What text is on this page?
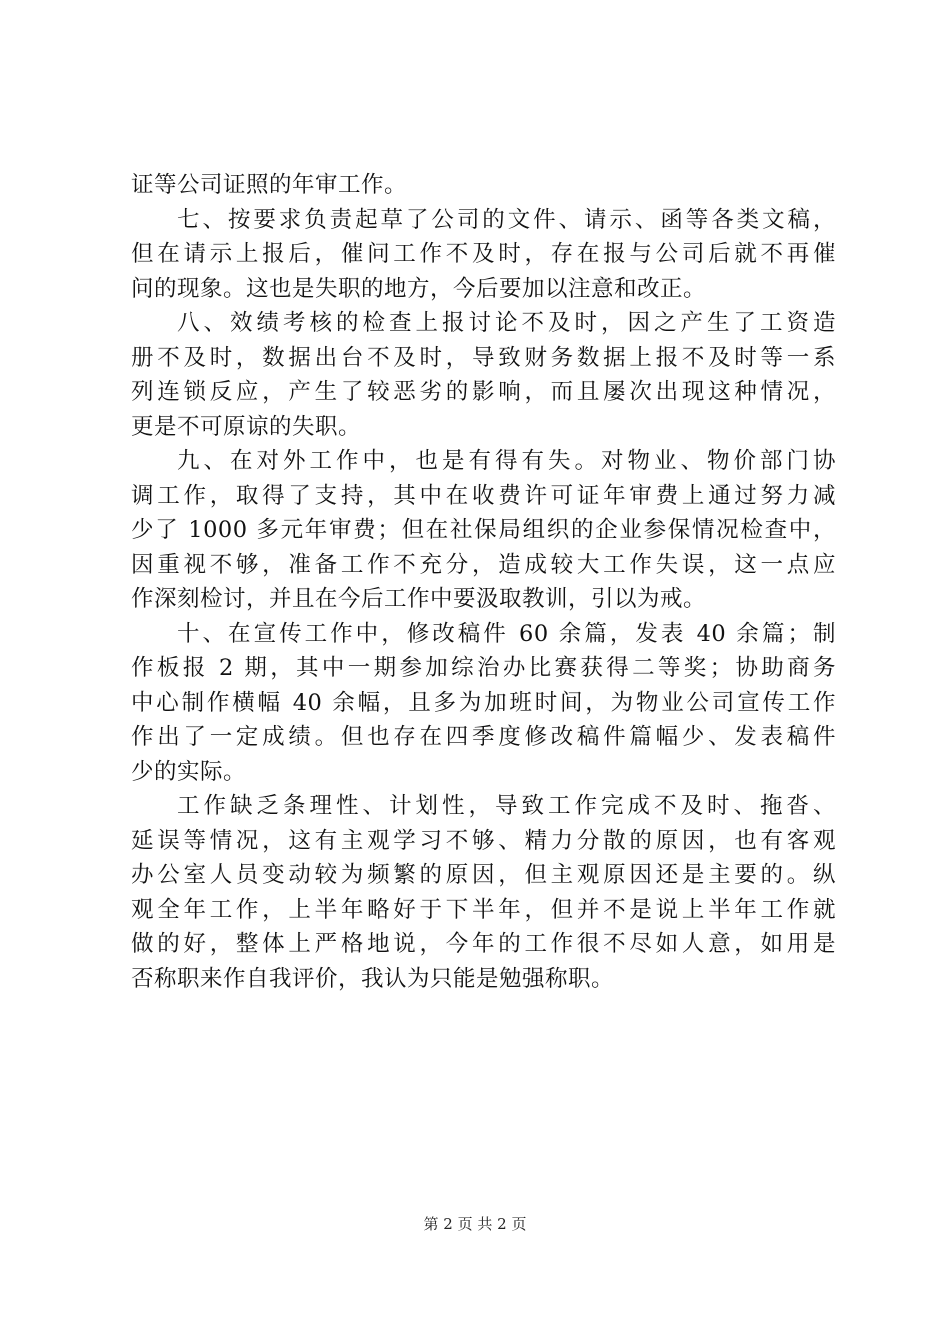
证等公司证照的年审工作。
七、按要求负责起草了公司的文件、请示、函等各类文稿，
但在请示上报后，催问工作不及时，存在报与公司后就不再催
问的现象。这也是失职的地方，今后要加以注意和改正。
八、效绩考核的检查上报讨论不及时，因之产生了工资造
册不及时，数据出台不及时，导致财务数据上报不及时等一系
列连锁反应，产生了较恶劣的影响，而且屡次出现这种情况，
更是不可原谅的失职。
九、在对外工作中，也是有得有失。对物业、物价部门协
调工作，取得了支持，其中在收费许可证年审费上通过努力减
少了 1000 多元年审费；但在社保局组织的企业参保情况检查中，
因重视不够，准备工作不充分，造成较大工作失误，这一点应
作深刻检讨，并且在今后工作中要汲取教训，引以为戒。
十、在宣传工作中，修改稿件 60 余篇，发表 40 余篇；制
作板报 2 期，其中一期参加综治办比赛获得二等奖；协助商务
中心制作横幅 40 余幅，且多为加班时间，为物业公司宣传工作
作出了一定成绩。但也存在四季度修改稿件篇幅少、发表稿件
少的实际。
工作缺乏条理性、计划性，导致工作完成不及时、拖沓、
延误等情况，这有主观学习不够、精力分散的原因，也有客观
办公室人员变动较为频繁的原因，但主观原因还是主要的。纵
观全年工作，上半年略好于下半年，但并不是说上半年工作就
做的好，整体上严格地说，今年的工作很不尽如人意，如用是
否称职来作自我评价，我认为只能是勉强称职。
第 2 页 共 2 页
